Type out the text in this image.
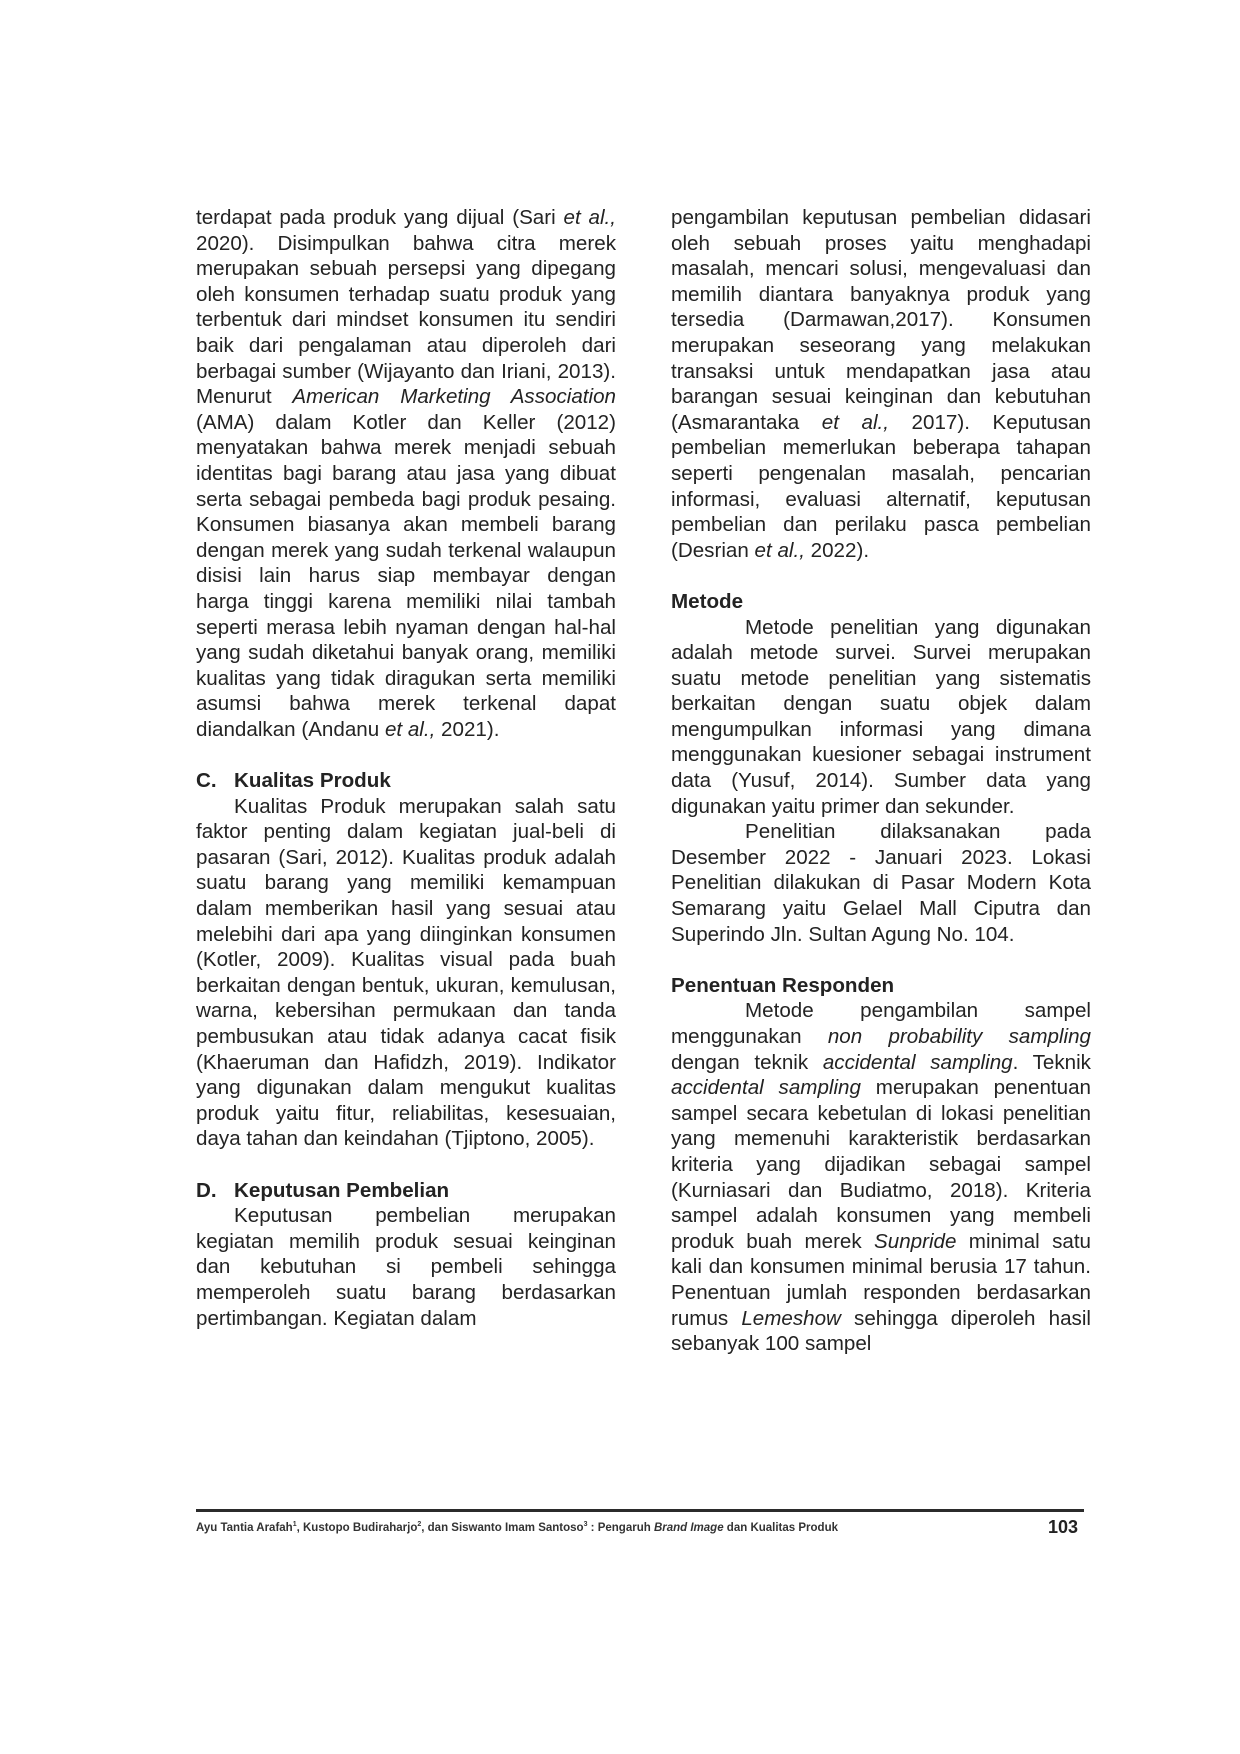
terdapat pada produk yang dijual (Sari et al., 2020). Disimpulkan bahwa citra merek merupakan sebuah persepsi yang dipegang oleh konsumen terhadap suatu produk yang terbentuk dari mindset konsumen itu sendiri baik dari pengalaman atau diperoleh dari berbagai sumber (Wijayanto dan Iriani, 2013). Menurut American Marketing Association (AMA) dalam Kotler dan Keller (2012) menyatakan bahwa merek menjadi sebuah identitas bagi barang atau jasa yang dibuat serta sebagai pembeda bagi produk pesaing. Konsumen biasanya akan membeli barang dengan merek yang sudah terkenal walaupun disisi lain harus siap membayar dengan harga tinggi karena memiliki nilai tambah seperti merasa lebih nyaman dengan hal-hal yang sudah diketahui banyak orang, memiliki kualitas yang tidak diragukan serta memiliki asumsi bahwa merek terkenal dapat diandalkan (Andanu et al., 2021).

C. Kualitas Produk

Kualitas Produk merupakan salah satu faktor penting dalam kegiatan jual-beli di pasaran (Sari, 2012). Kualitas produk adalah suatu barang yang memiliki kemampuan dalam memberikan hasil yang sesuai atau melebihi dari apa yang diinginkan konsumen (Kotler, 2009). Kualitas visual pada buah berkaitan dengan bentuk, ukuran, kemulusan, warna, kebersihan permukaan dan tanda pembusukan atau tidak adanya cacat fisik (Khaeruman dan Hafidzh, 2019). Indikator yang digunakan dalam mengukut kualitas produk yaitu fitur, reliabilitas, kesesuaian, daya tahan dan keindahan (Tjiptono, 2005).

D. Keputusan Pembelian

Keputusan pembelian merupakan kegiatan memilih produk sesuai keinginan dan kebutuhan si pembeli sehingga memperoleh suatu barang berdasarkan pertimbangan. Kegiatan dalam

pengambilan keputusan pembelian didasari oleh sebuah proses yaitu menghadapi masalah, mencari solusi, mengevaluasi dan memilih diantara banyaknya produk yang tersedia (Darmawan,2017). Konsumen merupakan seseorang yang melakukan transaksi untuk mendapatkan jasa atau barangan sesuai keinginan dan kebutuhan (Asmarantaka et al., 2017). Keputusan pembelian memerlukan beberapa tahapan seperti pengenalan masalah, pencarian informasi, evaluasi alternatif, keputusan pembelian dan perilaku pasca pembelian (Desrian et al., 2022).

Metode

Metode penelitian yang digunakan adalah metode survei. Survei merupakan suatu metode penelitian yang sistematis berkaitan dengan suatu objek dalam mengumpulkan informasi yang dimana menggunakan kuesioner sebagai instrument data (Yusuf, 2014). Sumber data yang digunakan yaitu primer dan sekunder.

Penelitian dilaksanakan pada Desember 2022 - Januari 2023. Lokasi Penelitian dilakukan di Pasar Modern Kota Semarang yaitu Gelael Mall Ciputra dan Superindo Jln. Sultan Agung No. 104.

Penentuan Responden

Metode pengambilan sampel menggunakan non probability sampling dengan teknik accidental sampling. Teknik accidental sampling merupakan penentuan sampel secara kebetulan di lokasi penelitian yang memenuhi karakteristik berdasarkan kriteria yang dijadikan sebagai sampel (Kurniasari dan Budiatmo, 2018). Kriteria sampel adalah konsumen yang membeli produk buah merek Sunpride minimal satu kali dan konsumen minimal berusia 17 tahun. Penentuan jumlah responden berdasarkan rumus Lemeshow sehingga diperoleh hasil sebanyak 100 sampel

Ayu Tantia Arafah$^1$, Kustopo Budiraharjo$^2$, dan Siswanto Imam Santoso$^3$ : Pengaruh Brand Image dan Kualitas Produk	103
